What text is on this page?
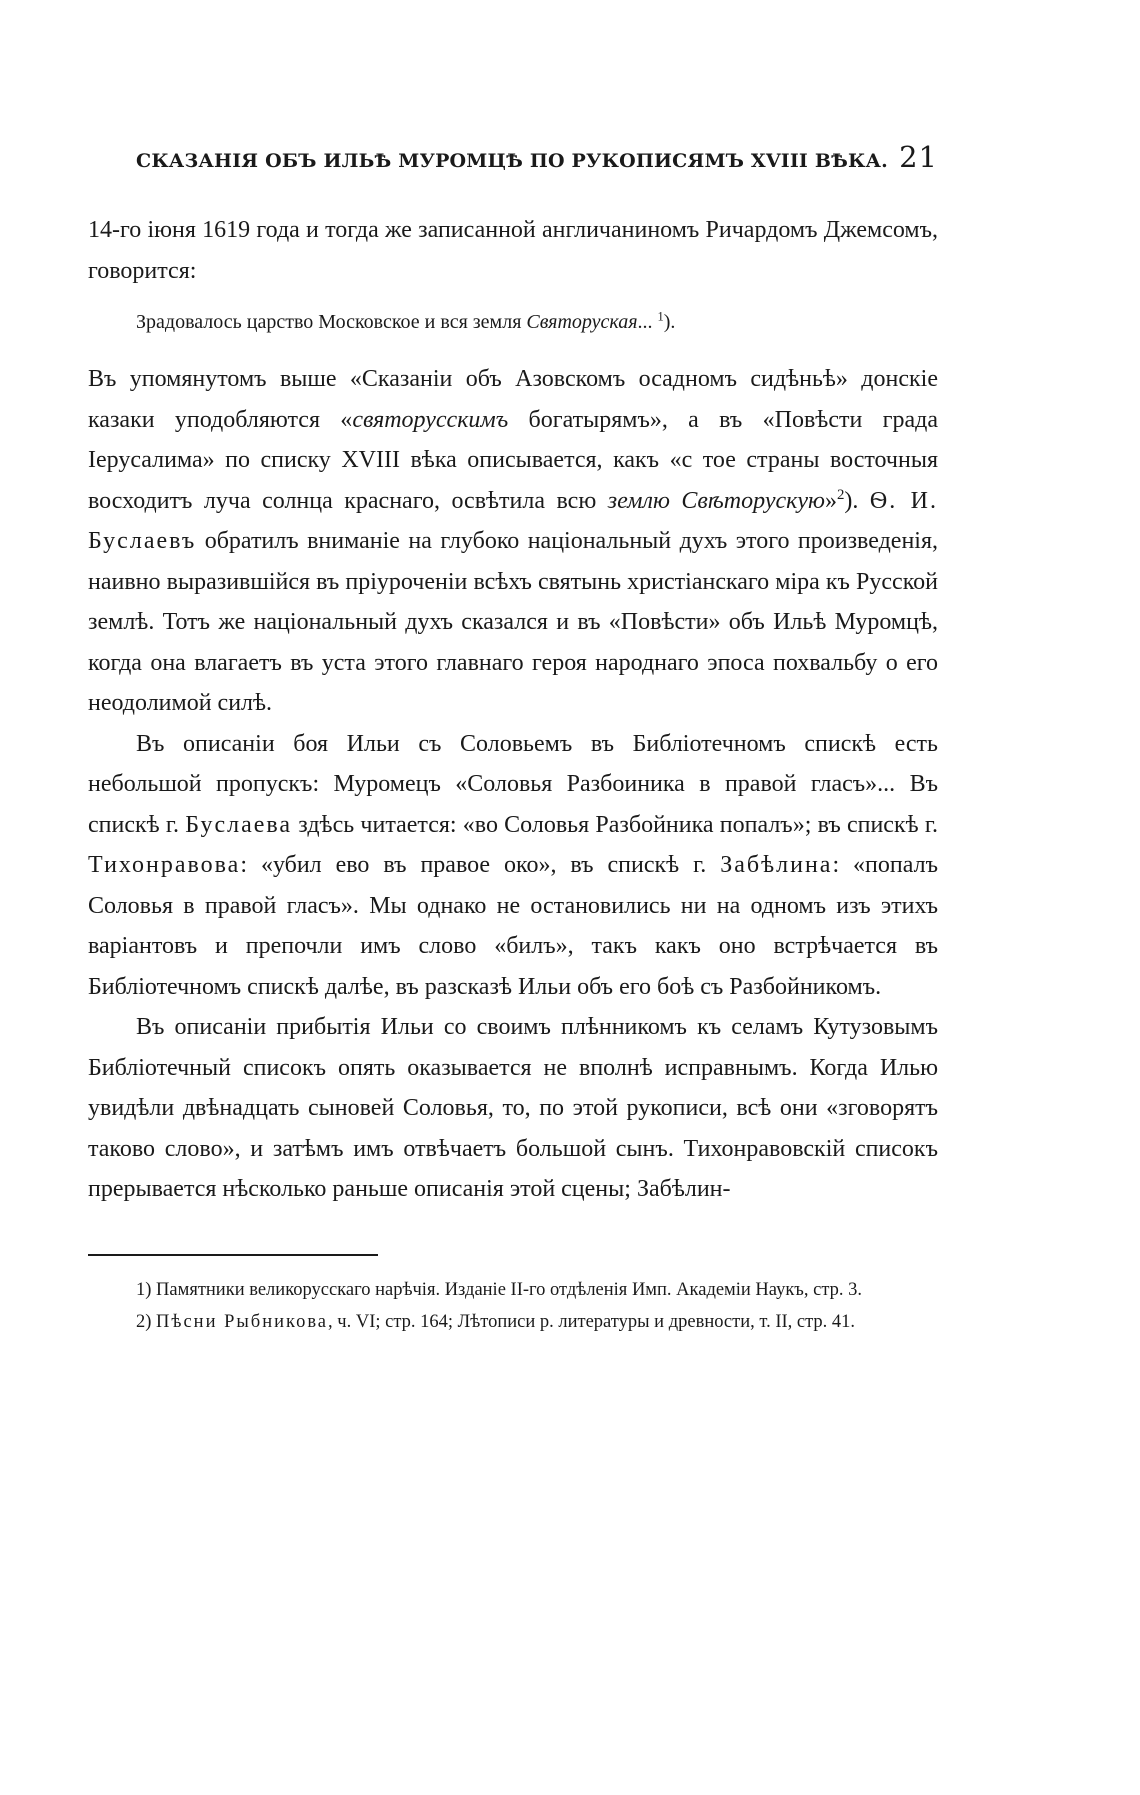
СКАЗАНІЯ ОБЪ ИЛЬѢ МУРОМЦѢ ПО РУКОПИСЯМЪ XVIII ВѢКА. 21

14-го іюня 1619 года и тогда же записанной англичаниномъ Ричардомъ Джемсомъ, говорится:

Зрадовалось царство Московское и вся земля Святоруская... $^1$).

Въ упомянутомъ выше «Сказаніи объ Азовскомъ осадномъ сидѣньѣ» донскіе казаки уподобляются «святорусскимъ богатырямъ», а въ «Повѣсти града Іерусалима» по списку XVIII вѣка описывается, какъ «с тое страны восточныя восходитъ луча солнца краснаго, освѣтила всю землю Свѣторускую»$^2$). Ѳ. И. Буслаевъ обратилъ вниманіе на глубоко національный духъ этого произведенія, наивно выразившійся въ пріуроченіи всѣхъ святынь христіанскаго міра къ Русской землѣ. Тотъ же національный духъ сказался и въ «Повѣсти» объ Ильѣ Муромцѣ, когда она влагаетъ въ уста этого главнаго героя народнаго эпоса похвальбу о его неодолимой силѣ.

Въ описаніи боя Ильи съ Соловьемъ въ Библіотечномъ спискѣ есть небольшой пропускъ: Муромецъ «Соловья Разбоиника в правой гласъ»... Въ спискѣ г. Буслаева здѣсь читается: «во Соловья Разбойника попалъ»; въ спискѣ г. Тихонравова: «убил ево въ правое око», въ спискѣ г. Забѣлина: «попалъ Соловья в правой гласъ». Мы однако не остановились ни на одномъ изъ этихъ варіантовъ и препочли имъ слово «билъ», такъ какъ оно встрѣчается въ Библіотечномъ спискѣ далѣе, въ разсказѣ Ильи объ его боѣ съ Разбойникомъ.

Въ описаніи прибытія Ильи со своимъ плѣнникомъ къ селамъ Кутузовымъ Библіотечный списокъ опять оказывается не вполнѣ исправнымъ. Когда Илью увидѣли двѣнадцать сыновей Соловья, то, по этой рукописи, всѣ они «зговорятъ таково слово», и затѣмъ имъ отвѣчаетъ большой сынъ. Тихонравовскій списокъ прерывается нѣсколько раньше описанія этой сцены; Забѣлин-

1) Памятники великорусскаго нарѣчія. Изданіе II-го отдѣленія Имп. Академіи Наукъ, стр. 3.

2) Пѣсни Рыбникова, ч. VI; стр. 164; Лѣтописи р. литературы и древности, т. II, стр. 41.
